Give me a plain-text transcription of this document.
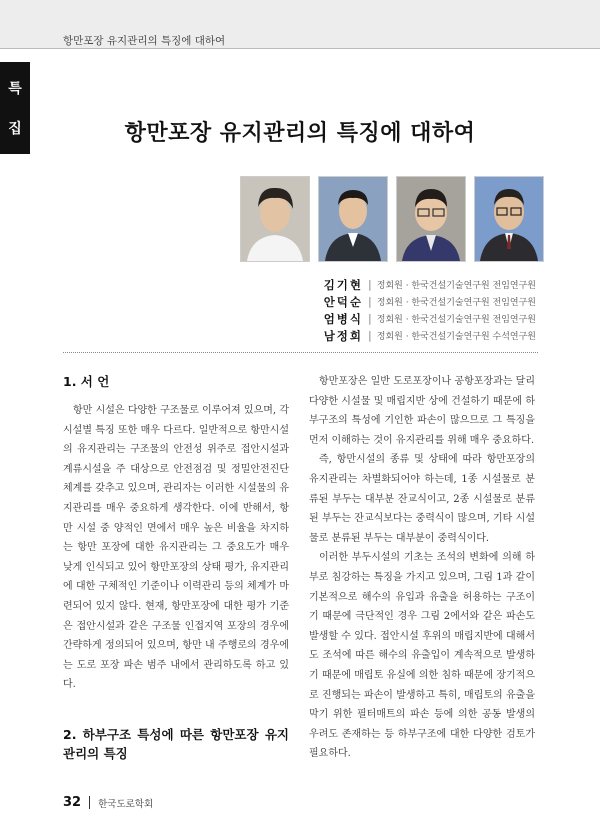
항만포장 유지관리의 특징에 대하여
특
집	항만포장 유지관리의 특징에 대하여
김기현 | 정회원 · 한국건설기술연구원 전임연구원
안덕순 | 정회원 · 한국건설기술연구원 전임연구원
엄병식 | 정회원 · 한국건설기술연구원 전임연구원
남정희 | 정회원 · 한국건설기술연구원 수석연구원

1. 서 언

항만 시설은 다양한 구조물로 이루어져 있으며, 각 시설별 특징 또한 매우 다르다. 일반적으로 항만시설의 유지관리는 구조물의 안전성 위주로 접안시설과 계류시설을 주 대상으로 안전점검 및 정밀안전진단 체계를 갖추고 있으며, 관리자는 이러한 시설물의 유지관리를 매우 중요하게 생각한다. 이에 반해서, 항만 시설 중 양적인 면에서 매우 높은 비율을 차지하는 항만 포장에 대한 유지관리는 그 중요도가 매우 낮게 인식되고 있어 항만포장의 상태 평가, 유지관리에 대한 구체적인 기준이나 이력관리 등의 체계가 마련되어 있지 않다. 현재, 항만포장에 대한 평가 기준은 접안시설과 같은 구조물 인접지역 포장의 경우에 간략하게 정의되어 있으며, 항만 내 주행로의 경우에는 도로 포장 파손 범주 내에서 관리하도록 하고 있다.

2. 하부구조 특성에 따른 항만포장 유지관리의 특징

항만포장은 일반 도로포장이나 공항포장과는 달리 다양한 시설물 및 매립지반 상에 건설하기 때문에 하부구조의 특성에 기인한 파손이 많으므로 그 특징을 먼저 이해하는 것이 유지관리를 위해 매우 중요하다.

즉, 항만시설의 종류 및 상태에 따라 항만포장의 유지관리는 차별화되어야 하는데, 1종 시설물로 분류된 부두는 대부분 잔교식이고, 2종 시설물로 분류된 부두는 잔교식보다는 중력식이 많으며, 기타 시설물로 분류된 부두는 대부분이 중력식이다.

이러한 부두시설의 기초는 조석의 변화에 의해 하부로 침강하는 특징을 가지고 있으며, 그림 1과 같이 기본적으로 해수의 유입과 유출을 허용하는 구조이기 때문에 극단적인 경우 그림 2에서와 같은 파손도 발생할 수 있다. 접안시설 후위의 매립지반에 대해서도 조석에 따른 해수의 유출입이 계속적으로 발생하기 때문에 매립토 유실에 의한 침하 때문에 장기적으로 진행되는 파손이 발생하고 특히, 매립토의 유출을 막기 위한 필터매트의 파손 등에 의한 공동 발생의 우려도 존재하는 등 하부구조에 대한 다양한 검토가 필요하다.

32 한국도로학회
